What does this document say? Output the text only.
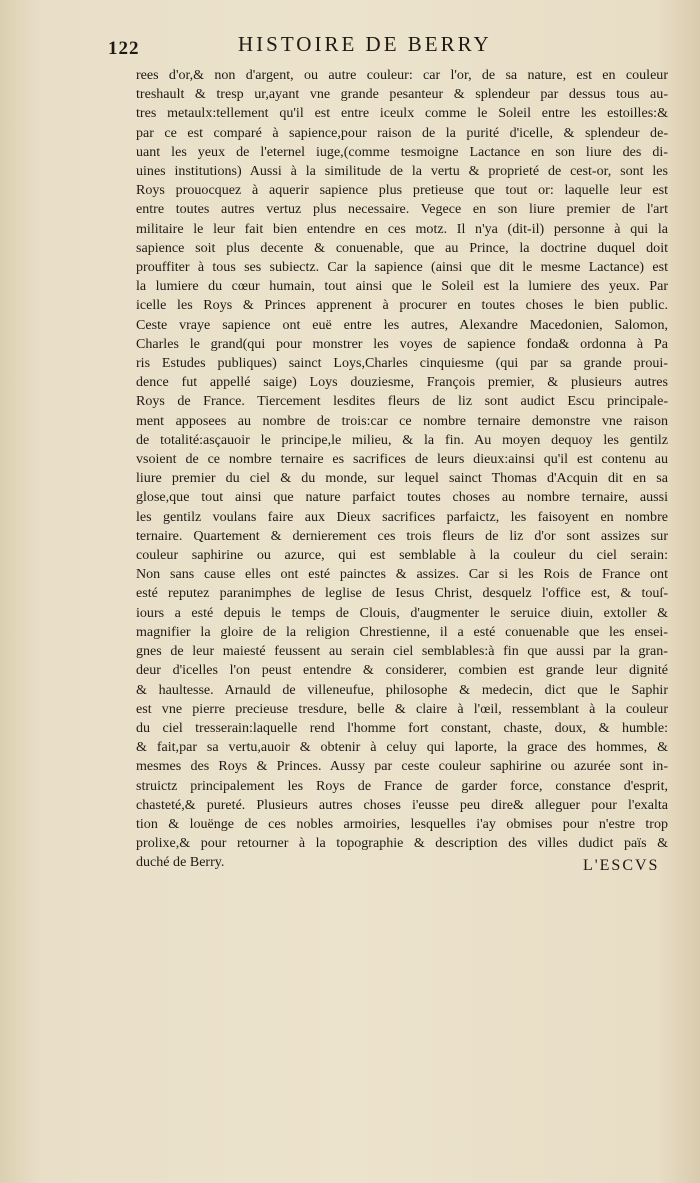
122	HISTOIRE DE BERRY
rees d'or,& non d'argent, ou autre couleur: car l'or, de sa nature, est en couleur
treshault & tresp ur,ayant vne grande pesanteur & splendeur par dessus tous au-
tres metaulx:tellement qu'il est entre iceulx comme le Soleil entre les estoilles:&
par ce est comparé à sapience,pour raison de la purité d'icelle, & splendeur de-
uant les yeux de l'eternel iuge,(comme tesmoigne Lactance en son liure des di-
uines institutions) Aussi à la similitude de la vertu & proprieté de cest-or, sont les
Roys prouocquez à aquerir sapience plus pretieuse que tout or: laquelle leur est
entre toutes autres vertuz plus necessaire. Vegece en son liure premier de l'art
militaire le leur fait bien entendre en ces motz. Il n'ya (dit-il) personne à qui la
sapience soit plus decente & conuenable, que au Prince, la doctrine duquel doit
prouffiter à tous ses subiectz. Car la sapience (ainsi que dit le mesme Lactance) est
la lumiere du cœur humain, tout ainsi que le Soleil est la lumiere des yeux. Par
icelle les Roys & Princes apprenent à procurer en toutes choses le bien public.
Ceste vraye sapience ont euë entre les autres, Alexandre Macedonien, Salomon,
Charles le grand(qui pour monstrer les voyes de sapience fonda& ordonna à Pa
ris Estudes publiques) sainct Loys,Charles cinquiesme (qui par sa grande proui-
dence fut appellé saige) Loys douziesme, François premier, & plusieurs autres
Roys de France. Tiercement lesdites fleurs de liz sont audict Escu principale-
ment apposees au nombre de trois:car ce nombre ternaire demonstre vne raison
de totalité:asçauoir le principe,le milieu, & la fin. Au moyen dequoy les gentilz
vsoient de ce nombre ternaire es sacrifices de leurs dieux:ainsi qu'il est contenu au
liure premier du ciel & du monde, sur lequel sainct Thomas d'Acquin dit en sa
glose,que tout ainsi que nature parfaict toutes choses au nombre ternaire, aussi
les gentilz voulans faire aux Dieux sacrifices parfaictz, les faisoyent en nombre
ternaire. Quartement & dernierement ces trois fleurs de liz d'or sont assizes sur
couleur saphirine ou azurce, qui est semblable à la couleur du ciel serain:
Non sans cause elles ont esté painctes & assizes. Car si les Rois de France ont
esté reputez paranimphes de leglise de Iesus Christ, desquelz l'office est, & touſ-
iours a esté depuis le temps de Clouis, d'augmenter le seruice diuin, extoller &
magnifier la gloire de la religion Chrestienne, il a esté conuenable que les ensei-
gnes de leur maiesté feussent au serain ciel semblables:à fin que aussi par la gran-
deur d'icelles l'on peust entendre & considerer, combien est grande leur dignité
& haultesse. Arnauld de villeneufue, philosophe & medecin, dict que le Saphir
est vne pierre precieuse tresdure, belle & claire à l'œil, ressemblant à la couleur
du ciel tresserain:laquelle rend l'homme fort constant, chaste, doux, & humble:
& fait,par sa vertu,auoir & obtenir à celuy qui laporte, la grace des hommes, &
mesmes des Roys & Princes. Aussy par ceste couleur saphirine ou azurée sont in-
struictz principalement les Roys de France de garder force, constance d'esprit,
chasteté,& pureté. Plusieurs autres choses i'eusse peu dire& alleguer pour l'exalta
tion & louënge de ces nobles armoiries, lesquelles i'ay obmises pour n'estre trop
prolixe,& pour retourner à la topographie & description des villes dudict païs &
duché de Berry.	L'ESCVS
